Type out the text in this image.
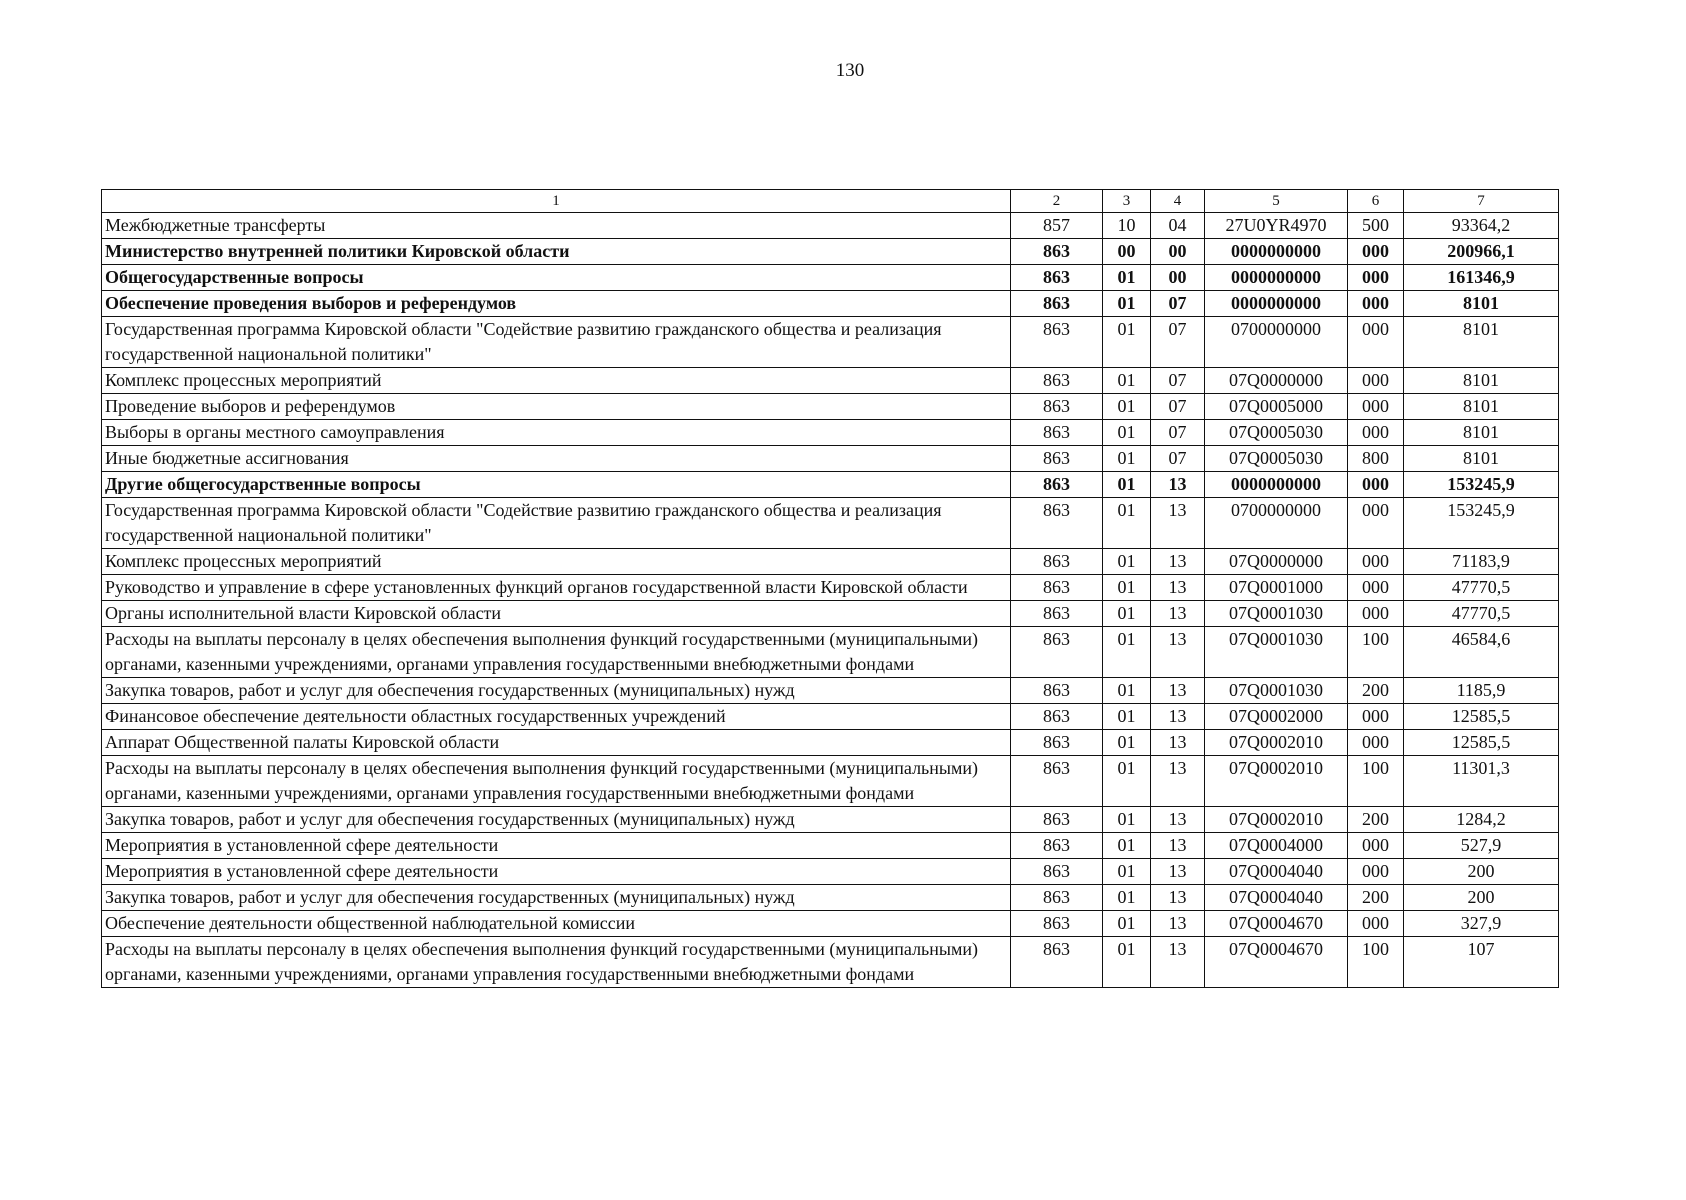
130
1	2	3	4	5	6	7
Межбюджетные трансферты	857	10	04	27U0YR4970	500	93364,2
Министерство внутренней политики Кировской области	863	00	00	0000000000	000	200966,1
Общегосударственные вопросы	863	01	00	0000000000	000	161346,9
Обеспечение проведения выборов и референдумов	863	01	07	0000000000	000	8101
Государственная программа Кировской области "Содействие развитию гражданского общества и реализация государственной национальной политики"	863	01	07	0700000000	000	8101
Комплекс процессных мероприятий	863	01	07	07Q0000000	000	8101
Проведение выборов и референдумов	863	01	07	07Q0005000	000	8101
Выборы в органы местного самоуправления	863	01	07	07Q0005030	000	8101
Иные бюджетные ассигнования	863	01	07	07Q0005030	800	8101
Другие общегосударственные вопросы	863	01	13	0000000000	000	153245,9
Государственная программа Кировской области "Содействие развитию гражданского общества и реализация государственной национальной политики"	863	01	13	0700000000	000	153245,9
Комплекс процессных мероприятий	863	01	13	07Q0000000	000	71183,9
Руководство и управление в сфере установленных функций органов государственной власти Кировской области	863	01	13	07Q0001000	000	47770,5
Органы исполнительной власти Кировской области	863	01	13	07Q0001030	000	47770,5
Расходы на выплаты персоналу в целях обеспечения выполнения функций государственными (муниципальными) органами, казенными учреждениями, органами управления государственными внебюджетными фондами	863	01	13	07Q0001030	100	46584,6
Закупка товаров, работ и услуг для обеспечения государственных (муниципальных) нужд	863	01	13	07Q0001030	200	1185,9
Финансовое обеспечение деятельности областных государственных учреждений	863	01	13	07Q0002000	000	12585,5
Аппарат Общественной палаты Кировской области	863	01	13	07Q0002010	000	12585,5
Расходы на выплаты персоналу в целях обеспечения выполнения функций государственными (муниципальными) органами, казенными учреждениями, органами управления государственными внебюджетными фондами	863	01	13	07Q0002010	100	11301,3
Закупка товаров, работ и услуг для обеспечения государственных (муниципальных) нужд	863	01	13	07Q0002010	200	1284,2
Мероприятия в установленной сфере деятельности	863	01	13	07Q0004000	000	527,9
Мероприятия в установленной сфере деятельности	863	01	13	07Q0004040	000	200
Закупка товаров, работ и услуг для обеспечения государственных (муниципальных) нужд	863	01	13	07Q0004040	200	200
Обеспечение деятельности общественной наблюдательной комиссии	863	01	13	07Q0004670	000	327,9
Расходы на выплаты персоналу в целях обеспечения выполнения функций государственными (муниципальными) органами, казенными учреждениями, органами управления государственными внебюджетными фондами	863	01	13	07Q0004670	100	107
